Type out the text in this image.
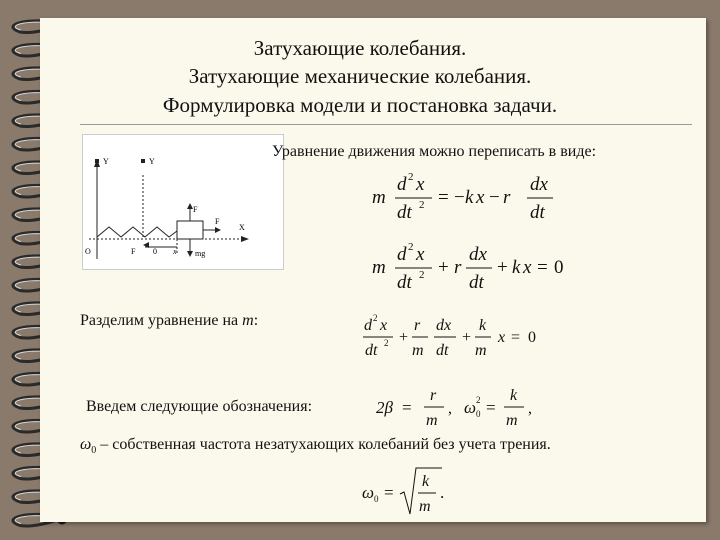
Затухающие колебания.
Затухающие механические колебания.
Формулировка модели и постановка задачи.
Y	Y
F
F
F	mg
X
O	0 x
Уравнение движения можно переписать в виде:
m
d 2 x
dt 2 = − k x − r
dx
dt
m
d 2 x
dt 2 + r
dx
dt
+ k x = 0
Разделим уравнение на m:	d 2 x
dt 2 +
r
m
dx
dt
+
k
m
x = 0
Введем следующие обозначения:	2β =
r
m
, ω 0
2 =
k
m
,
$\omega_0$ – собственная частота незатухающих колебаний без учета трения.
ω 0 =
k
m
.
